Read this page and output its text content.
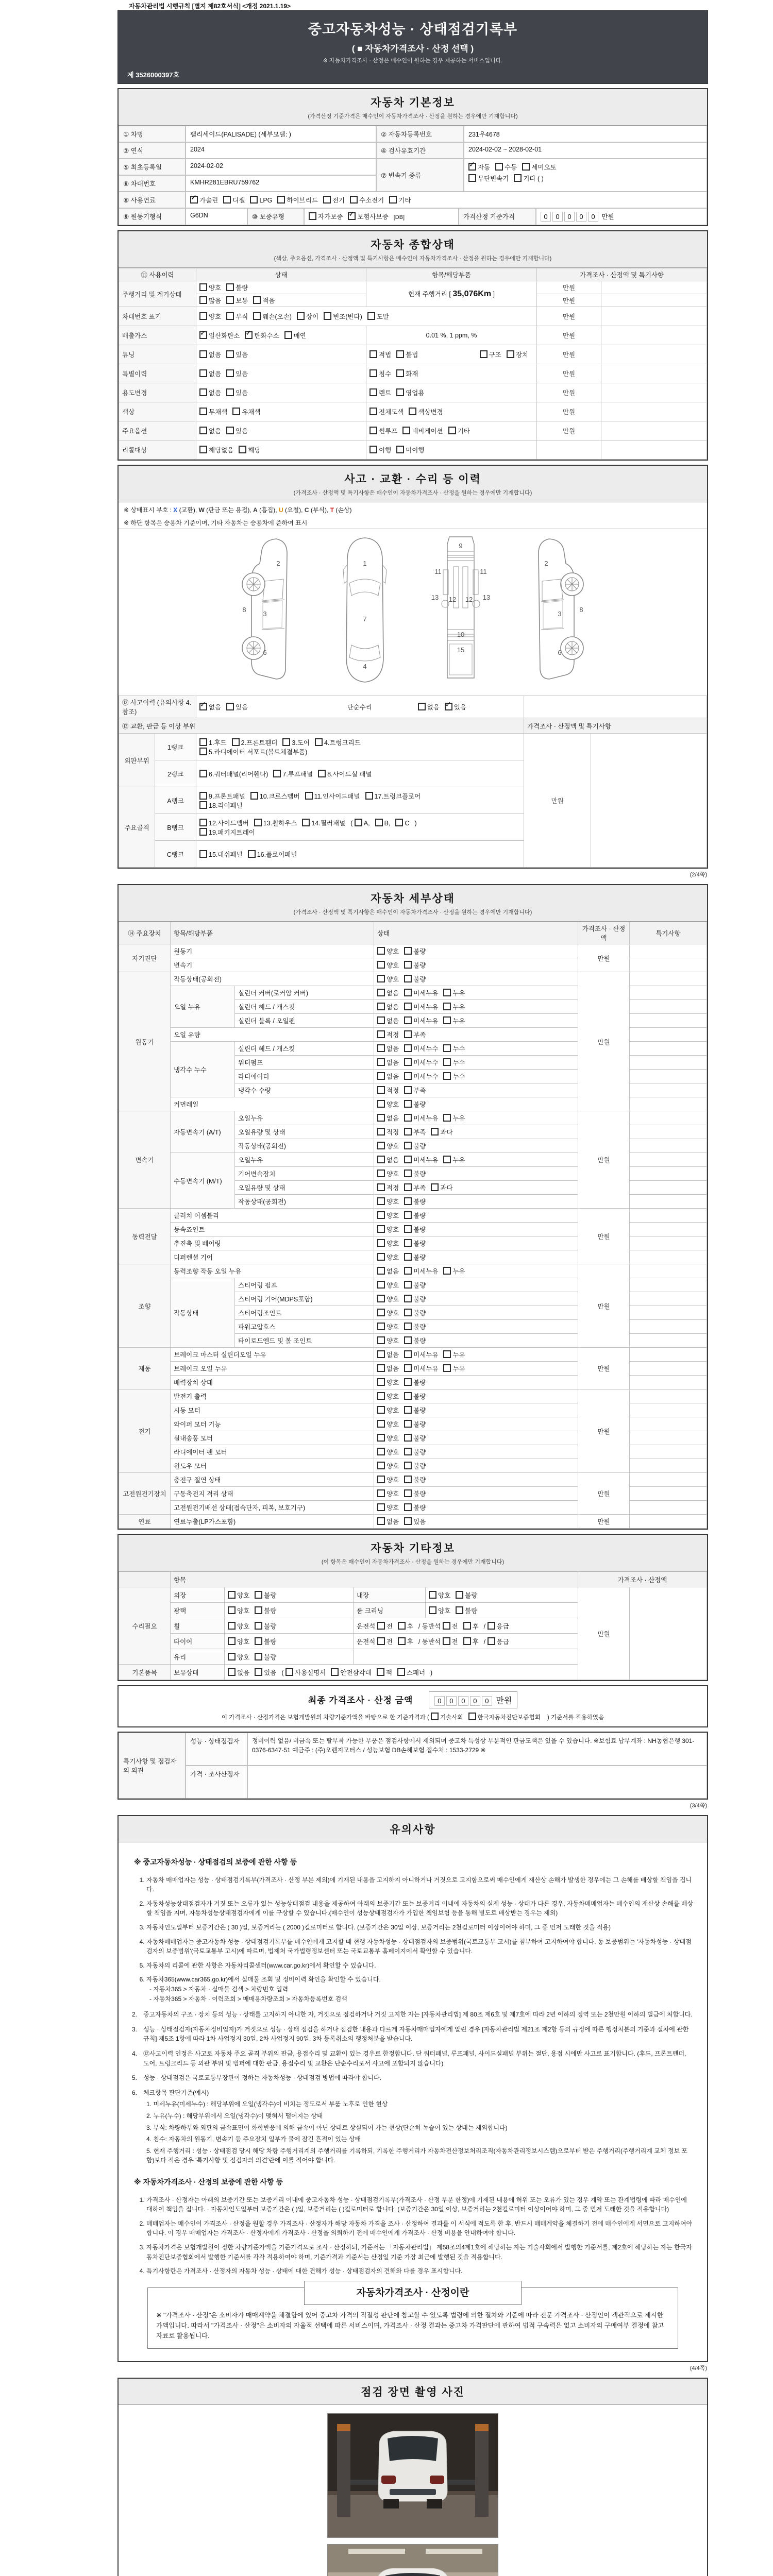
자동차관리법 시행규칙 [별지 제82호서식] <개정 2021.1.19>
중고자동차성능 · 상태점검기록부
( ■ 자동차가격조사 · 산정 선택 )
※ 자동차가격조사 · 산정은 매수인이 원하는 경우 제공하는 서비스입니다.
제 3526000397호
자동차 기본정보
(가격산정 기준가격은 매수인이 자동차가격조사 · 산정을 원하는 경우에만 기재합니다)
① 차명	팰리세이드(PALISADE) (세부모델: )	② 자동차등록번호	231우4678
③ 연식	2024	④ 검사유효기간	2024-02-02 ~ 2028-02-01
⑤ 최초등록일	2024-02-02
⑥ 차대번호	KMHR281EBRU759762
⑦ 변속기 종류
✓자동 수동 세미오토
무단변속기 기타 ( )
⑧ 사용연료 ✓	가솔린 디젤 LPG 하이브리드 전기 수소전기 기타
⑨ 원동기형식	G6DN	⑩ 보증유형	자가보증 ✓ 보험사보증 [DB]	가격산정 기준가격	0 0 0 0 0 만원
자동차 종합상태
(색상, 주요옵션, 가격조사 · 산정액 및 특기사항은 매수인이 자동차가격조사 · 산정을 원하는 경우에만 기재합니다)
⑪ 사용이력	상태	항목/해당부품	가격조사 · 산정액 및 특기사항	
주행거리 및 계기상태	양호 불량	현재 주행거리 [ 35,076Km ]	만원	
	많음 보통 적음		만원	
차대번호 표기	양호 부식 훼손(오손) 상이 변조(변타) 도말		만원	
배출가스	✓일산화탄소 ✓ 탄화수소 매연	0.01 %, 1 ppm, %	만원	
튜닝	없음 있음	적법 불법 구조 장치	만원	
특별이력	없음 있음	침수 화재	만원	
용도변경	없음 있음	렌트 영업용	만원	
색상	무채색 유채색	전체도색 색상변경	만원	
주요옵션	없음 있음	썬루프 네비게이션 기타	만원	
리콜대상	해당없음 해당	이행 미이행		
사고 · 교환 · 수리 등 이력
(가격조사 · 산정액 및 특기사항은 매수인이 자동차가격조사 · 산정을 원하는 경우에만 기재합니다)
※ 상태표시 부호 : X (교환), W (판금 또는 용접), A (흠집), U (요철), C (부식), T (손상)
※ 하단 항목은 승용차 기준이며, 기타 자동차는 승용차에 준하여 표시
2
8
3
6
1
7
4
9
11	11
13	13
12 12
10
15
2
8
3
6
⑫ 사고이력 (유의사항 4.참조)	✓없음 있음 단순수리 없음 ✓ 있음	
⑬ 교환, 판금 등 이상 부위			가격조사 · 산정액 및 특기사항	
외판부위	1랭크	1.후드 2.프론트휀더 3.도어 4.트렁크리드
5.라디에이터 서포트(볼트체결부품)	만원	
	2랭크	6.쿼터패널(리어휀다) 7.루프패널 8.사이드실 패널		
주요골격	A랭크	9.프론트패널 10.크로스멤버 11.인사이드패널 17.트렁크플로어
18.리어패널		
	B랭크	12.사이드멤버 13.휠하우스 14.필러패널 ( A, B, C )
19.패키지트레이		
	C랭크	15.대쉬패널 16.플로어패널		
(2/4쪽)
자동차 세부상태
(가격조사 · 산정액 및 특기사항은 매수인이 자동차가격조사 · 산정을 원하는 경우에만 기재합니다)
⑭ 주요장치	항목/해당부품		상태	가격조사 · 산정액	특기사항
자기진단	원동기		양호 불량	만원	
	변속기		양호 불량		
원동기	작동상태(공회전)		양호 불량	만원	
	오일 누유	실린더 커버(로커암 커버)	없음 미세누유 누유		
		실린더 헤드 / 개스킷	없음 미세누유 누유		
		실린더 블록 / 오일팬	없음 미세누유 누유		
	오일 유량		적정 부족		
	냉각수 누수	실린더 헤드 / 개스킷	없음 미세누수 누수		
		워터펌프	없음 미세누수 누수		
		라디에이터	없음 미세누수 누수		
		냉각수 수량	적정 부족		
	커먼레일		양호 불량		
변속기	자동변속기 (A/T)	오일누유	없음 미세누유 누유	만원	
		오일유량 및 상태	적정 부족 과다		
		작동상태(공회전)	양호 불량		
	수동변속기 (M/T)	오일누유	없음 미세누유 누유		
		기어변속장치	양호 불량		
		오일유량 및 상태	적정 부족 과다		
		작동상태(공회전)	양호 불량		
동력전달	클러치 어셈블리		양호 불량	만원	
	등속죠인트		양호 불량		
	추진축 및 베어링		양호 불량		
	디퍼렌셜 기어		양호 불량		
조향	동력조향 작동 오일 누유		없음 미세누유 누유	만원	
	작동상태	스티어링 펌프	양호 불량		
		스티어링 기어(MDPS포함)	양호 불량		
		스티어링조인트	양호 불량		
		파워고압호스	양호 불량		
		타이로드엔드 및 볼 조인트	양호 불량		
제동	브레이크 마스터 실린더오일 누유		없음 미세누유 누유	만원	
	브레이크 오일 누유		없음 미세누유 누유		
	배력장치 상태		양호 불량		
전기	발전기 출력		양호 불량	만원	
	시동 모터		양호 불량		
	와이퍼 모터 기능		양호 불량		
	실내송풍 모터		양호 불량		
	라디에이터 팬 모터		양호 불량		
	윈도우 모터		양호 불량		
고전원전기장치	충전구 절연 상태		양호 불량	만원	
	구동축전지 격리 상태		양호 불량		
	고전원전기배선 상태(접속단자, 피복, 보호기구)		양호 불량		
연료	연료누출(LP가스포함)		없음 있음	만원	
자동차 기타정보
(이 항목은 매수인이 자동차가격조사 · 산정을 원하는 경우에만 기재합니다)
	항목				가격조사 · 산정액	
수리필요	외장	양호 불량	내장	양호 불량	만원	
	광택	양호 불량	룸 크리닝	양호 불량		
	휠	양호 불량	운전석 전 후 / 동반석 전 후 / 응급			
	타이어	양호 불량	운전석 전 후 / 동반석 전 후 / 응급			
	유리	양호 불량				
기본품목	보유상태	없음 있음 ( 사용설명서 안전삼각대 잭 스패너 )				
최종 가격조사 · 산정 금액	0 0 0 0 0 만원
이 가격조사 · 산정가격은 보험개발원의 차량기준가액을 바탕으로 한 기준가격과 ( 기술사회 한국자동차진단보증협회 ) 기준서를 적용하였음
특기사항 및 점검자의 의견
성능 · 상태점검자	정비이력 없음/ 비금속 또는 탈부착 가능한 부품은 점검사항에서 제외되며 중고차 특성상 부분적인 판금도색은 있을 수 있습니다. ※보험료 납부계좌 : NH농협은행 301-0376-6347-51 예금주 : (주)오렌지모터스 / 성능보험 DB손해보험 접수처 : 1533-2729 ※
가격 · 조사산정자
(3/4쪽)
유의사항
※ 중고자동차성능 · 상태점검의 보증에 관한 사항 등
1. 자동차 매매업자는 성능 · 상태점검기록부(가격조사 · 산정 부분 제외)에 기재된 내용을 고지하지 아니하거나 거짓으로 고지함으로써 매수인에게 재산상 손해가 발생한 경우에는 그 손해를 배상할 책임을 집니다.
2. 자동차성능상태점검자가 거짓 또는 오류가 있는 성능상태점검 내용을 제공하여 아래의 보증기간 또는 보증거리 이내에 자동차의 실제 성능 · 상태가 다른 경우, 자동차매매업자는 매수인의 재산상 손해를 배상할 책임을 지며, 자동차성능상태점검자에게 이를 구상할 수 있습니다.(매수인이 성능상태점검자가 가입한 책임보험 등을 통해 별도로 배상받는 경우는 제외)
3. 자동차인도일부터 보증기간은 ( 30 )일, 보증거리는 ( 2000 )킬로미터로 합니다. (보증기간은 30일 이상, 보증거리는 2천킬로미터 이상이어야 하며, 그 중 먼저 도래한 것을 적용)
4. 자동차매매업자는 중고자동차 성능 · 상태점검기록부를 매수인에게 고지할 때 현행 자동차성능 · 상태점검자의 보증범위(국토교통부 고시)를 첨부하여 고지하여야 합니다. 동 보증범위는 '자동차성능 · 상태점검자의 보증범위'(국토교통부 고시)에 따르며, 법제처 국가법령정보센터 또는 국토교통부 홈페이지에서 확인할 수 있습니다.
5. 자동차의 리콜에 관한 사항은 자동차리콜센터(www.car.go.kr)에서 확인할 수 있습니다.
6. 자동차365(www.car365.go.kr)에서 실매물 조회 및 정비이력 확인을 확인할 수 있습니다.
- 자동차365 > 자동차 · 실매물 검색 > 차량번호 입력
- 자동차365 > 자동차 · 이력조회 > 매매용차량조회 > 자동차등록번호 검색
2. 중고자동차의 구조 · 장치 등의 성능 · 상태를 고지하지 아니한 자, 거짓으로 점검하거나 거짓 고지한 자는 [자동차관리법] 제 80조 제6호 및 제7호에 따라 2년 이하의 징역 또는 2천만원 이하의 벌금에 처합니다.
3. 성능 · 상태점검자(자동차정비업자)가 거짓으로 성능 · 상태 점검을 하거나 점검한 내용과 다르게 자동차매매업자에게 알린 경우 [자동차관리법 제21조 제2항 등의 규정에 따른 행정처분의 기준과 절차에 관한 규칙] 제5조 1항에 따라 1차 사업정지 30일, 2차 사업정지 90일, 3차 등록취소의 행정처분을 받습니다.
4. ⑫사고이력 인정은 사고로 자동차 주요 골격 부위의 판금, 용접수리 및 교환이 있는 경우로 한정합니다. 단 쿼터패널, 루프패널, 사이드실패널 부위는 절단, 용접 시에만 사고로 표기합니다. (후드, 프론트펜더, 도어, 트렁크리드 등 외판 부위 및 범퍼에 대한 판금, 용접수리 및 교환은 단순수리로서 사고에 포함되지 않습니다)
5. 성능 · 상태점검은 국토교통부장관이 정하는 자동차성능 · 상태점검 방법에 따라야 합니다.
6. 체크항목 판단기준(예시)
1. 미세누유(미세누수) : 해당부위에 오일(냉각수)이 비치는 정도로서 부품 노후로 인한 현상
2. 누유(누수) : 해당부위에서 오일(냉각수)이 맺혀서 떨어지는 상태
3. 부식: 차량하부와 외판의 금속표면이 화학반응에 의해 금속이 아닌 상태로 상실되어 가는 현상(단순히 녹슬어 있는 상태는 제외합니다)
4. 침수: 자동차의 원동기, 변속기 등 주요장치 일부가 물에 잠긴 흔적이 있는 상태
5. 현재 주행거리 : 성능 · 상태점검 당시 해당 차량 주행거리계의 주행거리를 기록하되, 기록한 주행거리가 자동차전산정보처리조직(자동차관리정보시스템)으로부터 받은 주행거리(주행거리계 교체 정보 포함)보다 적은 경우 '특기사항 및 점검자의 의견'란에 이를 적어야 합니다.
※ 자동차가격조사 · 산정의 보증에 관한 사항 등
1. 가격조사 · 산정자는 아래의 보증기간 또는 보증거리 이내에 중고자동차 성능 · 상태점검기록부(가격조사 · 산정 부분 한정)에 기재된 내용에 허위 또는 오류가 있는 경우 계약 또는 관계법령에 따라 매수인에 대하여 책임을 집니다. · 자동차인도일부터 보증기간은 ( )일, 보증거리는 ( )킬로미터로 합니다. (보증기간은 30일 이상, 보증거리는 2천킬로미터 이상이어야 하며, 그 중 먼저 도래한 것을 적용합니다)
2. 매매업자는 매수인이 가격조사 · 산정을 원할 경우 가격조사 · 산정자가 해당 자동차 가격을 조사 · 산정하여 결과를 이 서식에 적도록 한 후, 반드시 매매계약을 체결하기 전에 매수인에게 서면으로 고지하여야 합니다. 이 경우 매매업자는 가격조사 · 산정자에게 가격조사 · 산정을 의뢰하기 전에 매수인에게 가격조사 · 산정 비용을 안내하여야 합니다.
3. 자동차가격은 보험개발원이 정한 차량기준가액을 기준가격으로 조사 · 산정하되, 기준서는 「자동차관리법」 제58조의4제1호에 해당하는 자는 기술사회에서 발행한 기준서를, 제2호에 해당하는 자는 한국자동차진단보증협회에서 발행한 기준서를 각각 적용하여야 하며, 기준가격과 기준서는 산정일 기준 가장 최근에 발행된 것을 적용합니다.
4. 특기사항란은 가격조사 · 산정자의 자동차 성능 · 상태에 대한 견해가 성능 · 상태점검자의 견해와 다를 경우 표시합니다.
자동차가격조사 · 산정이란
※ "가격조사 · 산정"은 소비자가 매매계약을 체결함에 있어 중고차 가격의 적절성 판단에 참고할 수 있도록 법령에 의한 절차와 기준에 따라 전문 가격조사 · 산정인이 객관적으로 제시한 가액입니다. 따라서 "가격조사 · 산정"은 소비자의 자율적 선택에 따른 서비스이며, 가격조사 · 산정 결과는 중고차 가격판단에 관하여 법적 구속력은 없고 소비자의 구매여부 결정에 참고자료로 활용됩니다.
(4/4쪽)
점검 장면 촬영 사진
